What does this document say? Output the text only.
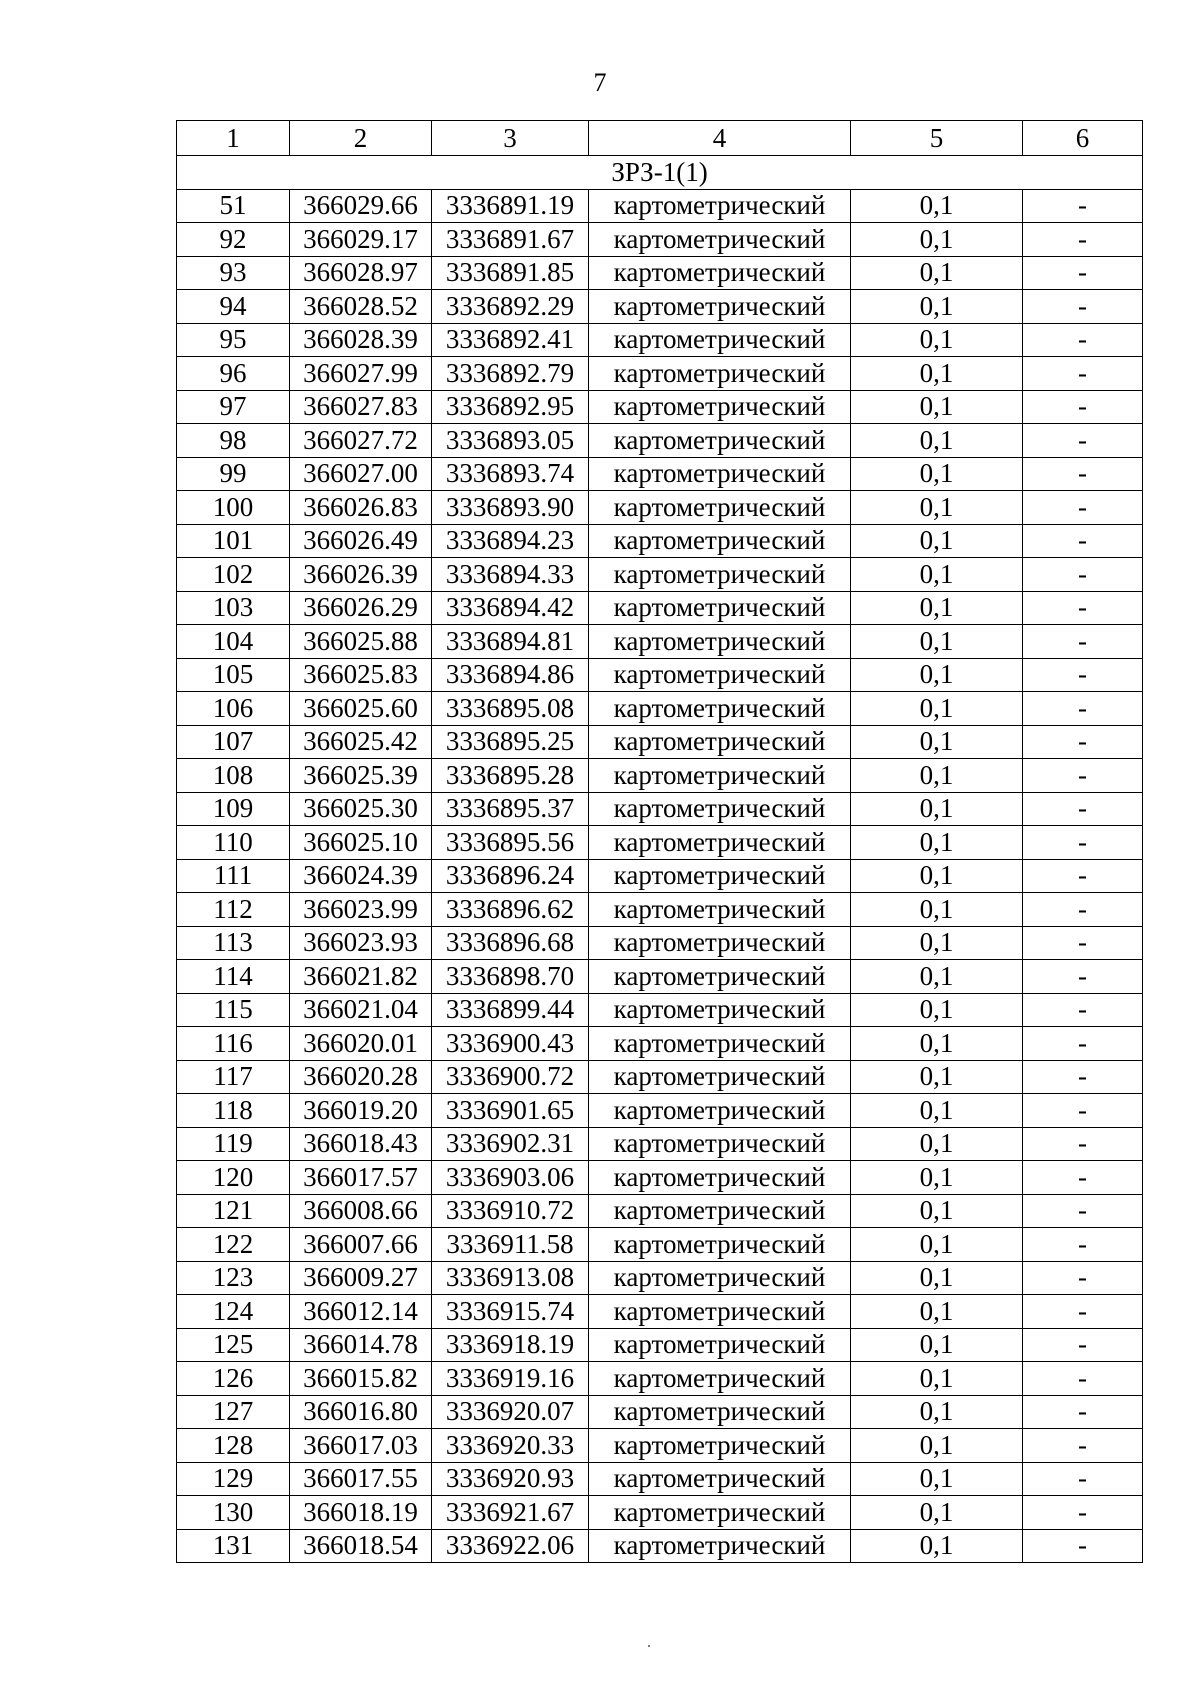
7
1	2	3	4	5	6
ЗРЗ-1(1)					
51	366029.66	3336891.19	картометрический	0,1	-
92	366029.17	3336891.67	картометрический	0,1	-
93	366028.97	3336891.85	картометрический	0,1	-
94	366028.52	3336892.29	картометрический	0,1	-
95	366028.39	3336892.41	картометрический	0,1	-
96	366027.99	3336892.79	картометрический	0,1	-
97	366027.83	3336892.95	картометрический	0,1	-
98	366027.72	3336893.05	картометрический	0,1	-
99	366027.00	3336893.74	картометрический	0,1	-
100	366026.83	3336893.90	картометрический	0,1	-
101	366026.49	3336894.23	картометрический	0,1	-
102	366026.39	3336894.33	картометрический	0,1	-
103	366026.29	3336894.42	картометрический	0,1	-
104	366025.88	3336894.81	картометрический	0,1	-
105	366025.83	3336894.86	картометрический	0,1	-
106	366025.60	3336895.08	картометрический	0,1	-
107	366025.42	3336895.25	картометрический	0,1	-
108	366025.39	3336895.28	картометрический	0,1	-
109	366025.30	3336895.37	картометрический	0,1	-
110	366025.10	3336895.56	картометрический	0,1	-
111	366024.39	3336896.24	картометрический	0,1	-
112	366023.99	3336896.62	картометрический	0,1	-
113	366023.93	3336896.68	картометрический	0,1	-
114	366021.82	3336898.70	картометрический	0,1	-
115	366021.04	3336899.44	картометрический	0,1	-
116	366020.01	3336900.43	картометрический	0,1	-
117	366020.28	3336900.72	картометрический	0,1	-
118	366019.20	3336901.65	картометрический	0,1	-
119	366018.43	3336902.31	картометрический	0,1	-
120	366017.57	3336903.06	картометрический	0,1	-
121	366008.66	3336910.72	картометрический	0,1	-
122	366007.66	3336911.58	картометрический	0,1	-
123	366009.27	3336913.08	картометрический	0,1	-
124	366012.14	3336915.74	картометрический	0,1	-
125	366014.78	3336918.19	картометрический	0,1	-
126	366015.82	3336919.16	картометрический	0,1	-
127	366016.80	3336920.07	картометрический	0,1	-
128	366017.03	3336920.33	картометрический	0,1	-
129	366017.55	3336920.93	картометрический	0,1	-
130	366018.19	3336921.67	картометрический	0,1	-
131	366018.54	3336922.06	картометрический	0,1	-
